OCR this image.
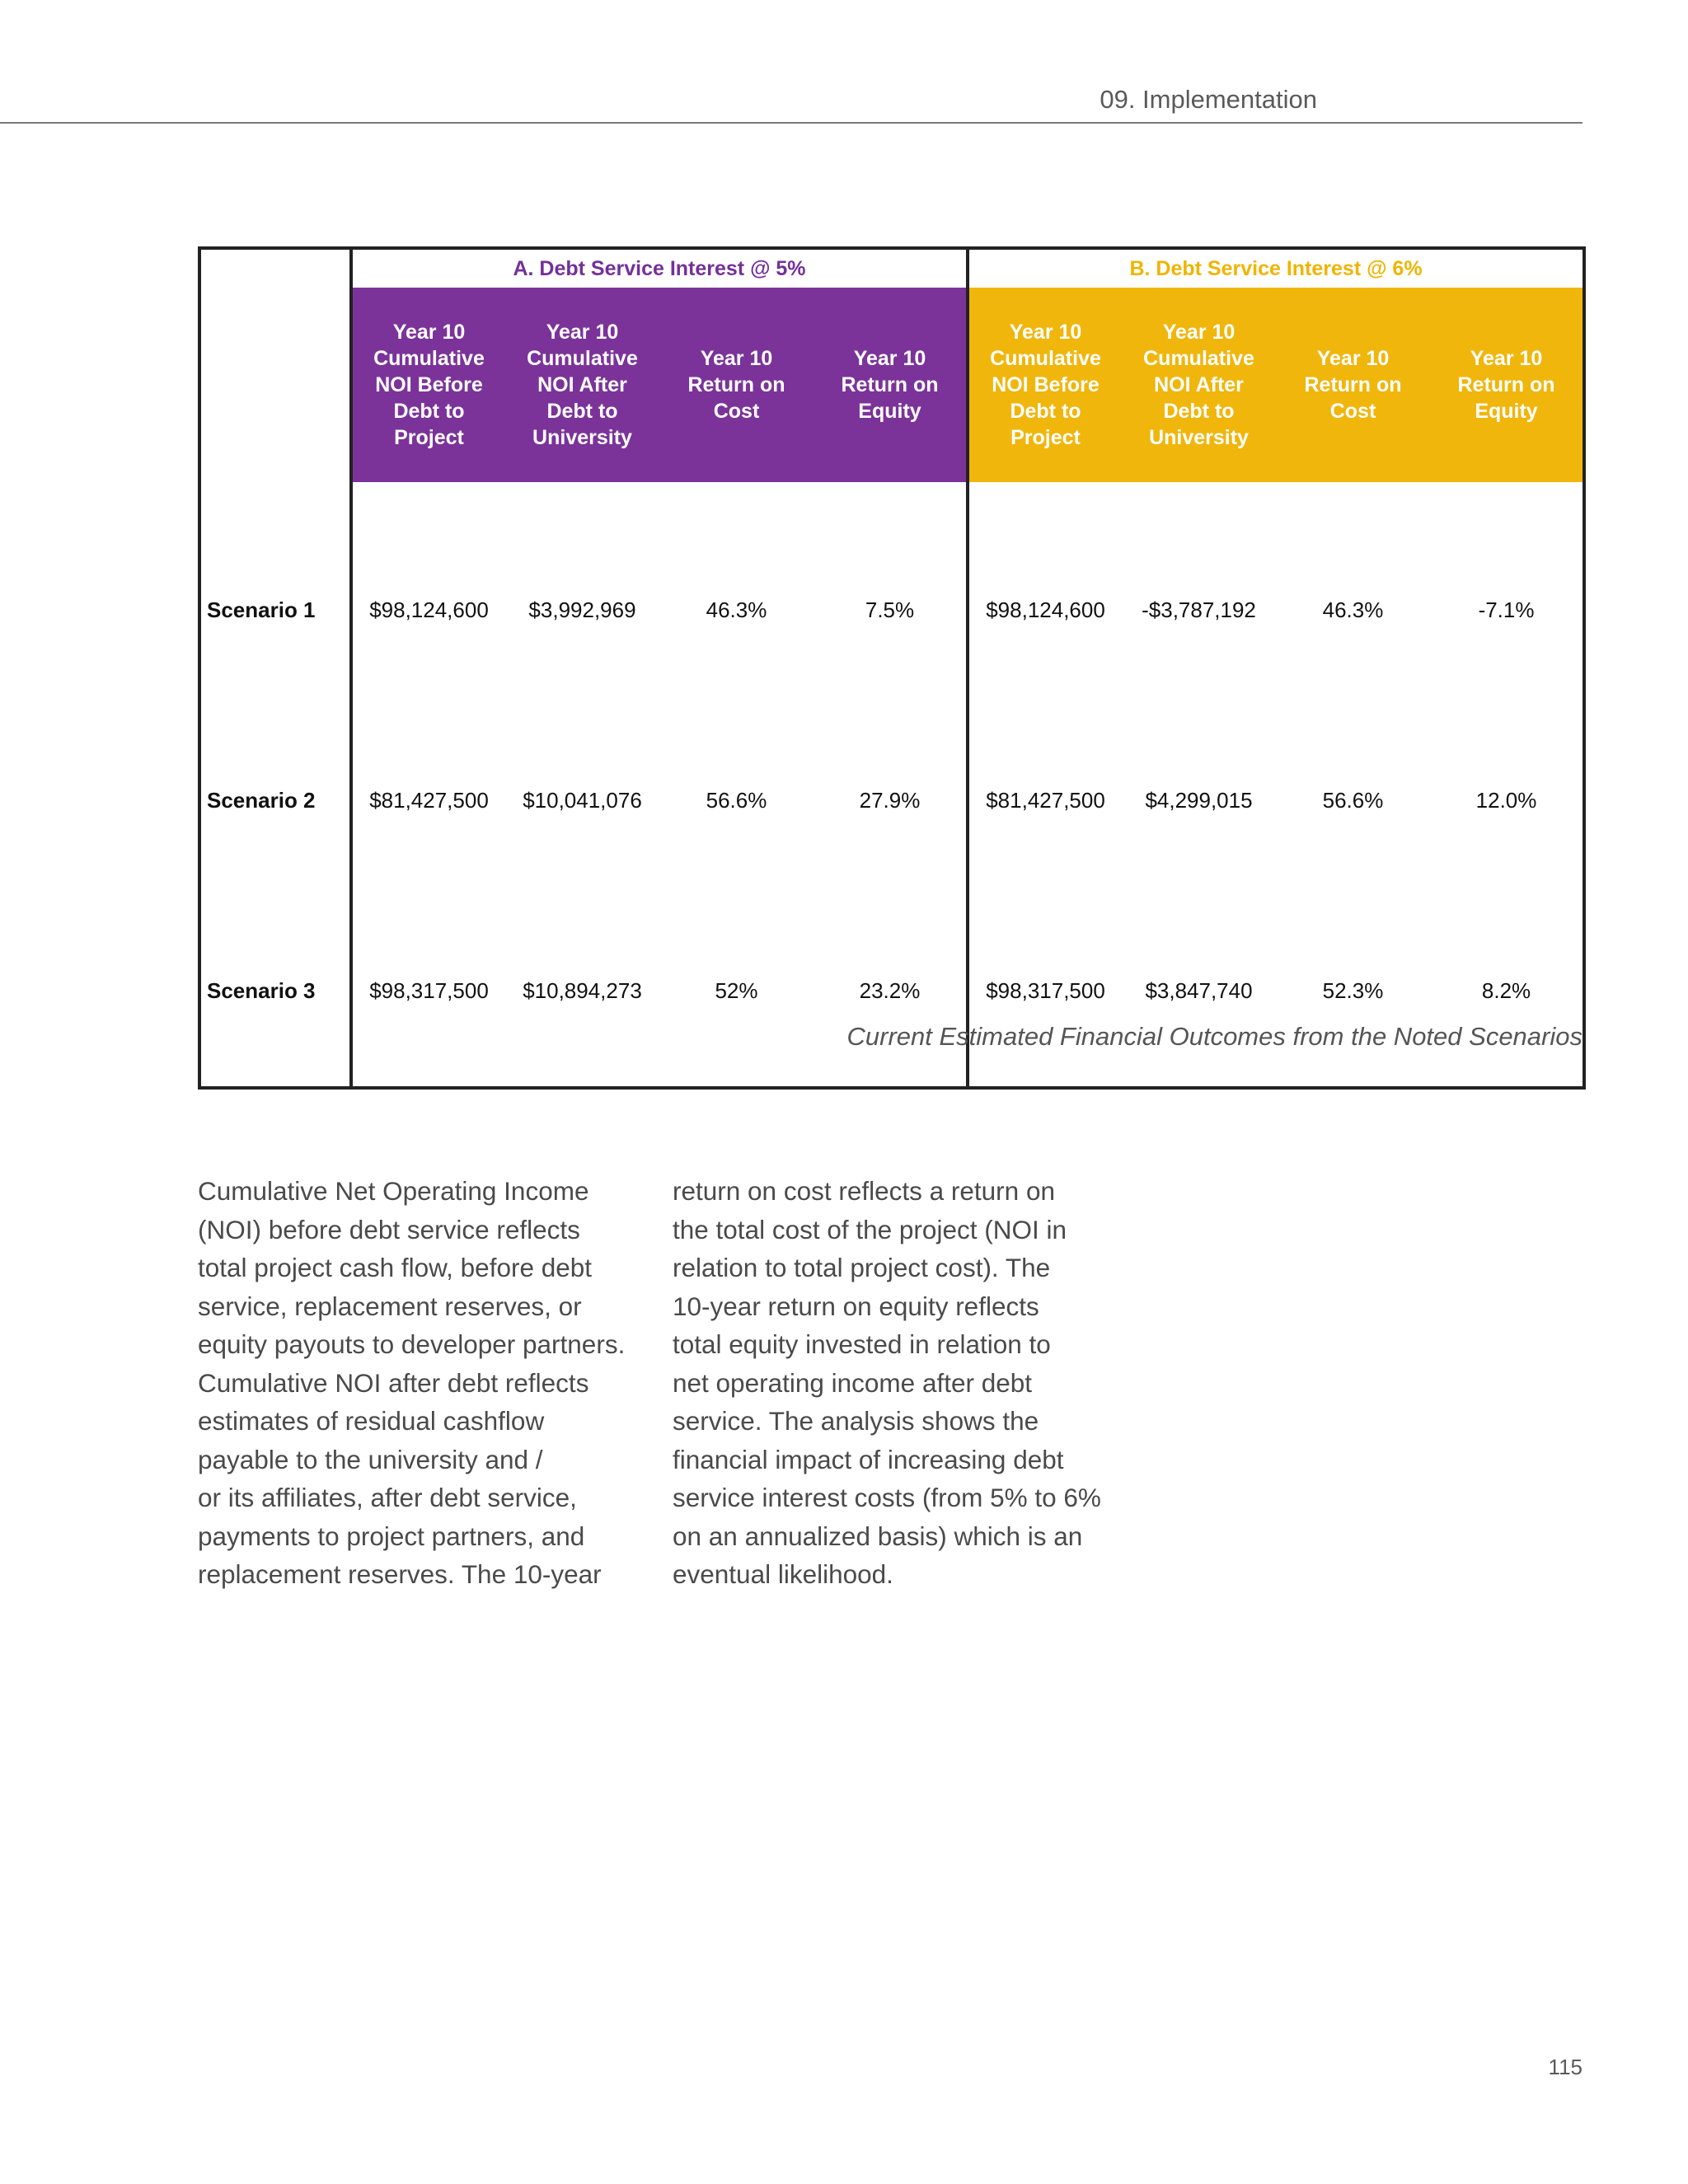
09. Implementation
	A. Debt Service Interest @ 5%				B. Debt Service Interest @ 6%			
	Year 10
Cumulative
NOI Before
Debt to
Project	Year 10
Cumulative
NOI After
Debt to
University	Year 10
Return on
Cost	Year 10
Return on
Equity	Year 10
Cumulative
NOI Before
Debt to
Project	Year 10
Cumulative
NOI After
Debt to
University	Year 10
Return on
Cost	Year 10
Return on
Equity
Scenario 1	$98,124,600	$3,992,969	46.3%	7.5%	$98,124,600	-$3,787,192	46.3%	-7.1%
Scenario 2	$81,427,500	$10,041,076	56.6%	27.9%	$81,427,500	$4,299,015	56.6%	12.0%
Scenario 3	$98,317,500	$10,894,273	52%	23.2%	$98,317,500	$3,847,740	52.3%	8.2%
Current Estimated Financial Outcomes from the Noted Scenarios
Cumulative Net Operating Income
(NOI) before debt service reflects
total project cash flow, before debt
service, replacement reserves, or
equity payouts to developer partners.
Cumulative NOI after debt reflects
estimates of residual cashflow
payable to the university and /
or its affiliates, after debt service,
payments to project partners, and
replacement reserves. The 10-year
return on cost reflects a return on
the total cost of the project (NOI in
relation to total project cost). The
10-year return on equity reflects
total equity invested in relation to
net operating income after debt
service. The analysis shows the
financial impact of increasing debt
service interest costs (from 5% to 6%
on an annualized basis) which is an
eventual likelihood.
115
